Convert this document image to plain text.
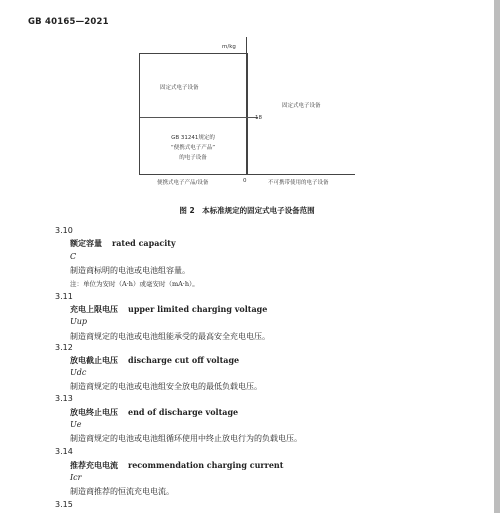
GB 40165—2021
m/kg
固定式电子设备
固定式电子设备
18
GB 31241规定的
“便携式电子产品”
的电子设备
便携式电子产品/设备	0	不可携带使用的电子设备
图 2　本标准规定的固定式电子设备范围
3.10
额定容量 rated capacity
C
制造商标明的电池或电池组容量。
注：单位为安时（A·h）或毫安时（mA·h）。
3.11
充电上限电压 upper limited charging voltage
Uup
制造商规定的电池或电池组能承受的最高安全充电电压。
3.12
放电截止电压 discharge cut off voltage
Udc
制造商规定的电池或电池组安全放电的最低负载电压。
3.13
放电终止电压 end of discharge voltage
Ue
制造商规定的电池或电池组循环使用中终止放电行为的负载电压。
3.14
推荐充电电流 recommendation charging current
Icr
制造商推荐的恒流充电电流。
3.15
